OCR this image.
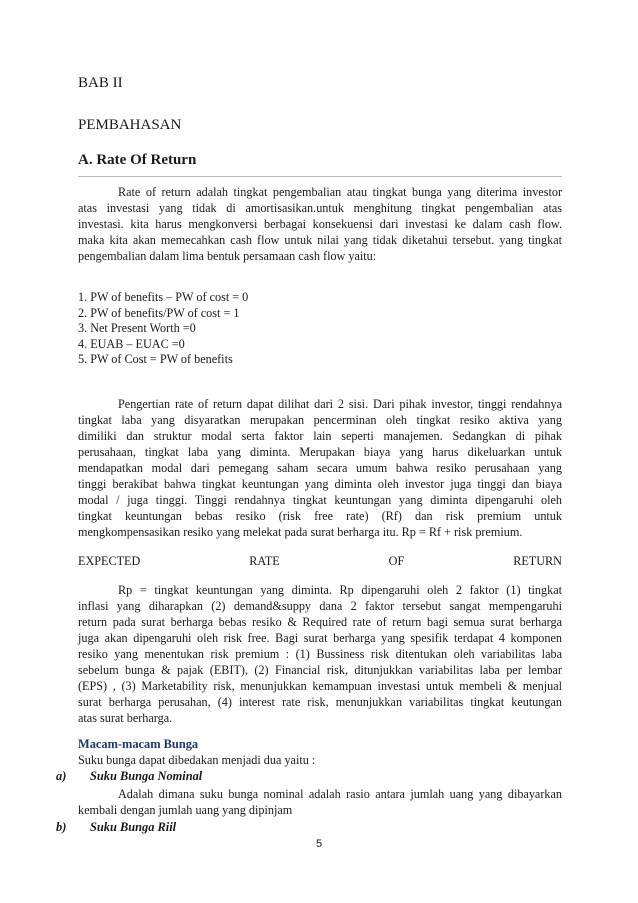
BAB II
PEMBAHASAN
A. Rate Of Return
Rate of return adalah tingkat pengembalian atau tingkat bunga yang diterima investor
atas investasi yang tidak di amortisasikan.untuk menghitung tingkat pengembalian atas
investasi. kita harus mengkonversi berbagai konsekuensi dari investasi ke dalam cash flow.
maka kita akan memecahkan cash flow untuk nilai yang tidak diketahui tersebut. yang tingkat
pengembalian dalam lima bentuk persamaan cash flow yaitu:
1. PW of benefits – PW of cost = 0
2. PW of benefits/PW of cost = 1
3. Net Present Worth =0
4. EUAB – EUAC =0
5. PW of Cost = PW of benefits
Pengertian rate of return dapat dilihat dari 2 sisi. Dari pihak investor, tinggi rendahnya
tingkat laba yang disyaratkan merupakan pencerminan oleh tingkat resiko aktiva yang
dimiliki dan struktur modal serta faktor lain seperti manajemen. Sedangkan di pihak
perusahaan, tingkat laba yang diminta. Merupakan biaya yang harus dikeluarkan untuk
mendapatkan modal dari pemegang saham secara umum bahwa resiko perusahaan yang
tinggi berakibat bahwa tingkat keuntungan yang diminta oleh investor juga tinggi dan biaya
modal / juga tinggi. Tinggi rendahnya tingkat keuntungan yang diminta dipengaruhi oleh
tingkat keuntungan bebas resiko (risk free rate) (Rf) dan risk premium untuk
mengkompensasikan resiko yang melekat pada surat berharga itu. Rp = Rf + risk premium.
EXPECTED	RATE	OF	RETURN
Rp = tingkat keuntungan yang diminta. Rp dipengaruhi oleh 2 faktor (1) tingkat
inflasi yang diharapkan (2) demand&suppy dana 2 faktor tersebut sangat mempengaruhi
return pada surat berharga bebas resiko & Required rate of return bagi semua surat berharga
juga akan dipengaruhi oleh risk free. Bagi surat berharga yang spesifik terdapat 4 komponen
resiko yang menentukan risk premium : (1) Bussiness risk ditentukan oleh variabilitas laba
sebelum bunga & pajak (EBIT), (2) Financial risk, ditunjukkan variabilitas laba per lembar
(EPS) , (3) Marketability risk, menunjukkan kemampuan investasi untuk membeli & menjual
surat berharga perusahan, (4) interest rate risk, menunjukkan variabilitas tingkat keutungan
atas surat berharga.
Macam-macam Bunga
Suku bunga dapat dibedakan menjadi dua yaitu :
a) Suku Bunga Nominal
Adalah dimana suku bunga nominal adalah rasio antara jumlah uang yang dibayarkan
kembali dengan jumlah uang yang dipinjam
b) Suku Bunga Riil
5
